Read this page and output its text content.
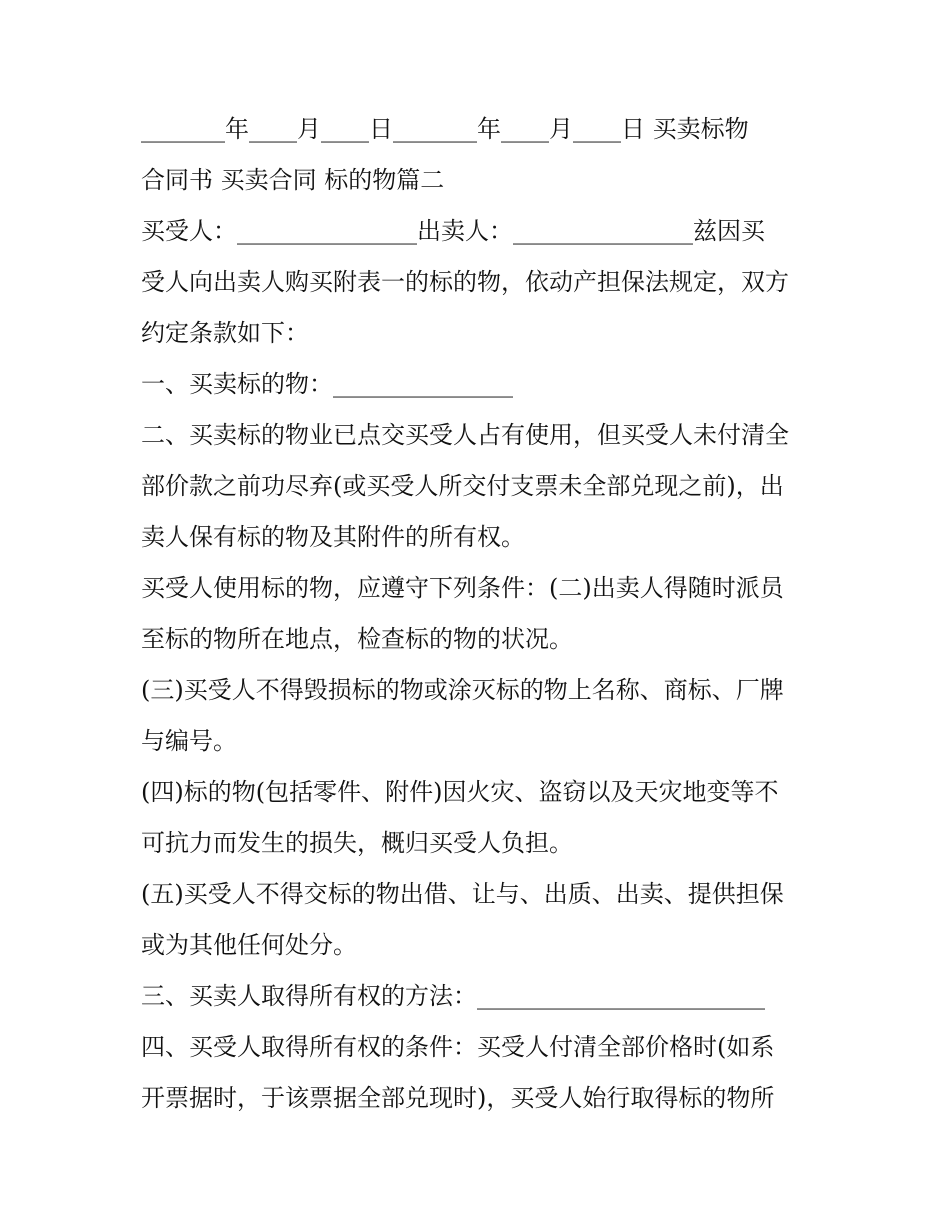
_______年____月____日_______年____月____日 买卖标物
合同书 买卖合同 标的物篇二
买受人：_______________出卖人：_______________兹因买
受人向出卖人购买附表一的标的物，依动产担保法规定，双方
约定条款如下：
一、买卖标的物：_______________
二、买卖标的物业已点交买受人占有使用，但买受人未付清全
部价款之前功尽弃(或买受人所交付支票未全部兑现之前)，出
卖人保有标的物及其附件的所有权。
买受人使用标的物，应遵守下列条件：(二)出卖人得随时派员
至标的物所在地点，检查标的物的状况。
(三)买受人不得毁损标的物或涂灭标的物上名称、商标、厂牌
与编号。
(四)标的物(包括零件、附件)因火灾、盗窃以及天灾地变等不
可抗力而发生的损失，概归买受人负担。
(五)买受人不得交标的物出借、让与、出质、出卖、提供担保
或为其他任何处分。
三、买卖人取得所有权的方法：________________________
四、买受人取得所有权的条件：买受人付清全部价格时(如系
开票据时，于该票据全部兑现时)，买受人始行取得标的物所
